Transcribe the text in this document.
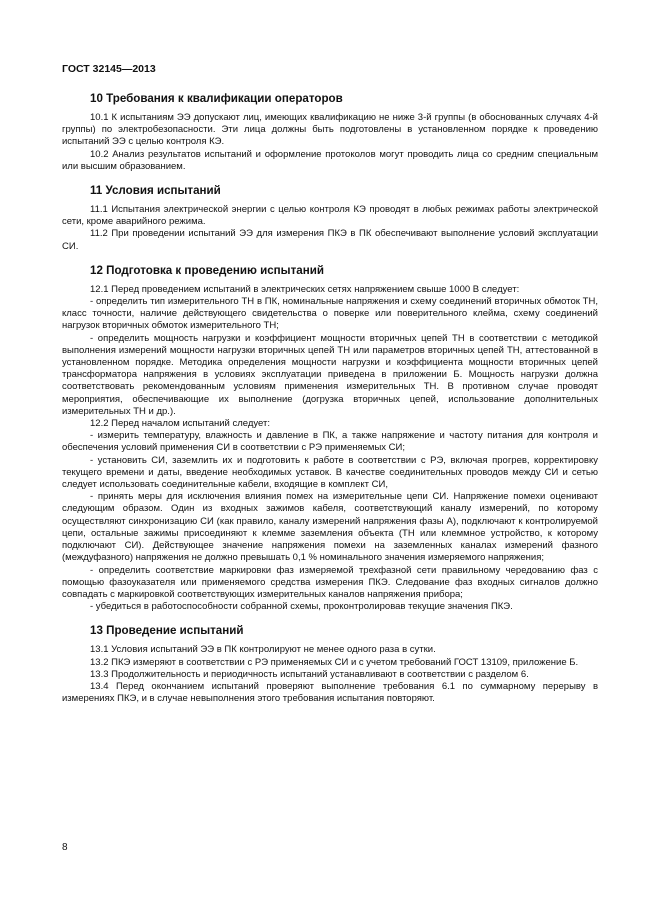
ГОСТ 32145—2013
10 Требования к квалификации операторов

10.1 К испытаниям ЭЭ допускают лиц, имеющих квалификацию не ниже 3-й группы (в обоснованных случаях 4-й группы) по электробезопасности. Эти лица должны быть подготовлены в установленном порядке к проведению испытаний ЭЭ с целью контроля КЭ.

10.2 Анализ результатов испытаний и оформление протоколов могут проводить лица со средним специальным или высшим образованием.

11 Условия испытаний

11.1 Испытания электрической энергии с целью контроля КЭ проводят в любых режимах работы электрической сети, кроме аварийного режима.

11.2 При проведении испытаний ЭЭ для измерения ПКЭ в ПК обеспечивают выполнение условий эксплуатации СИ.

12 Подготовка к проведению испытаний

12.1 Перед проведением испытаний в электрических сетях напряжением свыше 1000 В следует:

- определить тип измерительного ТН в ПК, номинальные напряжения и схему соединений вторичных обмоток ТН, класс точности, наличие действующего свидетельства о поверке или поверительного клейма, схему соединений нагрузок вторичных обмоток измерительного ТН;

- определить мощность нагрузки и коэффициент мощности вторичных цепей ТН в соответствии с методикой выполнения измерений мощности нагрузки вторичных цепей ТН или параметров вторичных цепей ТН, аттестованной в установленном порядке. Методика определения мощности нагрузки и коэффициента мощности вторичных цепей трансформатора напряжения в условиях эксплуатации приведена в приложении Б. Мощность нагрузки должна соответствовать рекомендованным условиям применения измерительных ТН. В противном случае проводят мероприятия, обеспечивающие их выполнение (догрузка вторичных цепей, использование дополнительных измерительных ТН и др.).

12.2 Перед началом испытаний следует:

- измерить температуру, влажность и давление в ПК, а также напряжение и частоту питания для контроля и обеспечения условий применения СИ в соответствии с РЭ применяемых СИ;

- установить СИ, заземлить их и подготовить к работе в соответствии с РЭ, включая прогрев, корректировку текущего времени и даты, введение необходимых уставок. В качестве соединительных проводов между СИ и сетью следует использовать соединительные кабели, входящие в комплект СИ,

- принять меры для исключения влияния помех на измерительные цепи СИ. Напряжение помехи оценивают следующим образом. Один из входных зажимов кабеля, соответствующий каналу измерений, по которому осуществляют синхронизацию СИ (как правило, каналу измерений напряжения фазы А), подключают к контролируемой цепи, остальные зажимы присоединяют к клемме заземления объекта (ТН или клеммное устройство, к которому подключают СИ). Действующее значение напряжения помехи на заземленных каналах измерений фазного (междуфазного) напряжения не должно превышать 0,1 % номинального значения измеряемого напряжения;

- определить соответствие маркировки фаз измеряемой трехфазной сети правильному чередованию фаз с помощью фазоуказателя или применяемого средства измерения ПКЭ. Следование фаз входных сигналов должно совпадать с маркировкой соответствующих измерительных каналов напряжения прибора;

- убедиться в работоспособности собранной схемы, проконтролировав текущие значения ПКЭ.

13 Проведение испытаний

13.1 Условия испытаний ЭЭ в ПК контролируют не менее одного раза в сутки.

13.2 ПКЭ измеряют в соответствии с РЭ применяемых СИ и с учетом требований ГОСТ 13109, приложение Б.

13.3 Продолжительность и периодичность испытаний устанавливают в соответствии с разделом 6.

13.4 Перед окончанием испытаний проверяют выполнение требования 6.1 по суммарному перерыву в измерениях ПКЭ, и в случае невыполнения этого требования испытания повторяют.

8
